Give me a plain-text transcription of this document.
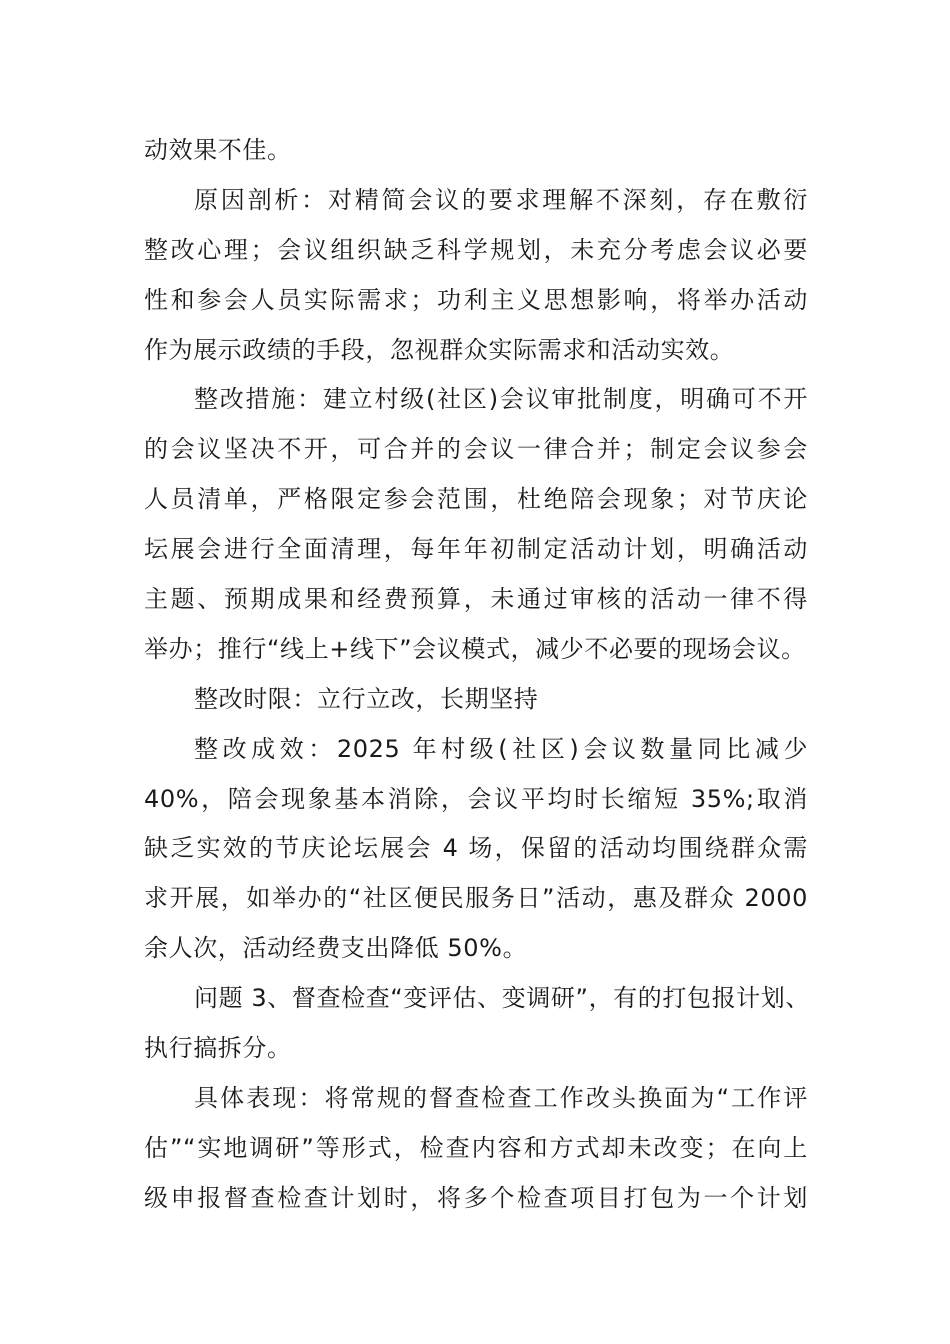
动效果不佳。
原因剖析：对精简会议的要求理解不深刻，存在敷衍
整改心理；会议组织缺乏科学规划，未充分考虑会议必要
性和参会人员实际需求；功利主义思想影响，将举办活动
作为展示政绩的手段，忽视群众实际需求和活动实效。
整改措施：建立村级(社区)会议审批制度，明确可不开
的会议坚决不开，可合并的会议一律合并；制定会议参会
人员清单，严格限定参会范围，杜绝陪会现象；对节庆论
坛展会进行全面清理，每年年初制定活动计划，明确活动
主题、预期成果和经费预算，未通过审核的活动一律不得
举办；推行“线上+线下”会议模式，减少不必要的现场会议。
整改时限：立行立改，长期坚持
整改成效：2025 年村级(社区)会议数量同比减少
40%，陪会现象基本消除，会议平均时长缩短 35%;取消
缺乏实效的节庆论坛展会 4 场，保留的活动均围绕群众需
求开展，如举办的“社区便民服务日”活动，惠及群众 2000
余人次，活动经费支出降低 50%。
问题 3、督查检查“变评估、变调研”，有的打包报计划、
执行搞拆分。
具体表现：将常规的督查检查工作改头换面为“工作评
估”“实地调研”等形式，检查内容和方式却未改变；在向上
级申报督查检查计划时，将多个检查项目打包为一个计划
